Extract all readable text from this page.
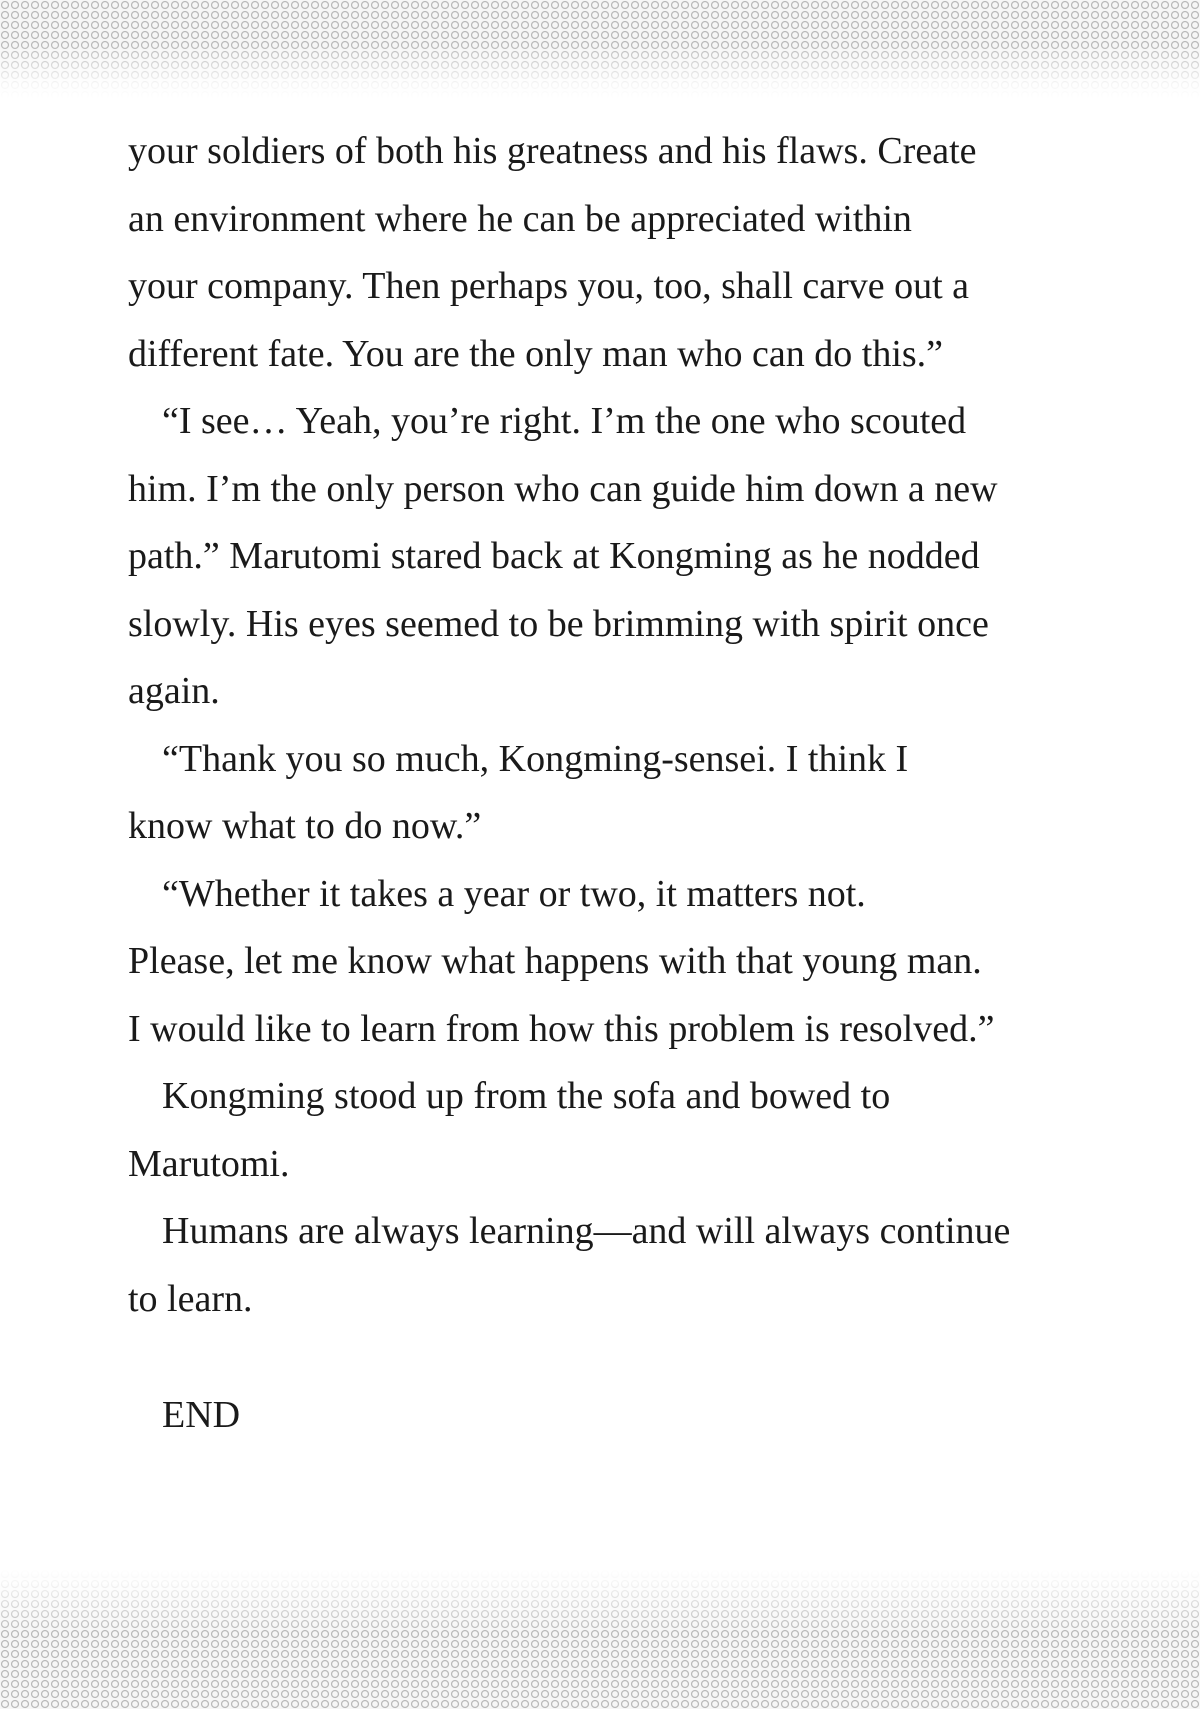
your soldiers of both his greatness and his flaws. Create
an environment where he can be appreciated within
your company. Then perhaps you, too, shall carve out a
different fate. You are the only man who can do this.”
“I see… Yeah, you’re right. I’m the one who scouted
him. I’m the only person who can guide him down a new
path.” Marutomi stared back at Kongming as he nodded
slowly. His eyes seemed to be brimming with spirit once
again.
“Thank you so much, Kongming-sensei. I think I
know what to do now.”
“Whether it takes a year or two, it matters not.
Please, let me know what happens with that young man.
I would like to learn from how this problem is resolved.”
Kongming stood up from the sofa and bowed to
Marutomi.
Humans are always learning—and will always continue
to learn.
END
